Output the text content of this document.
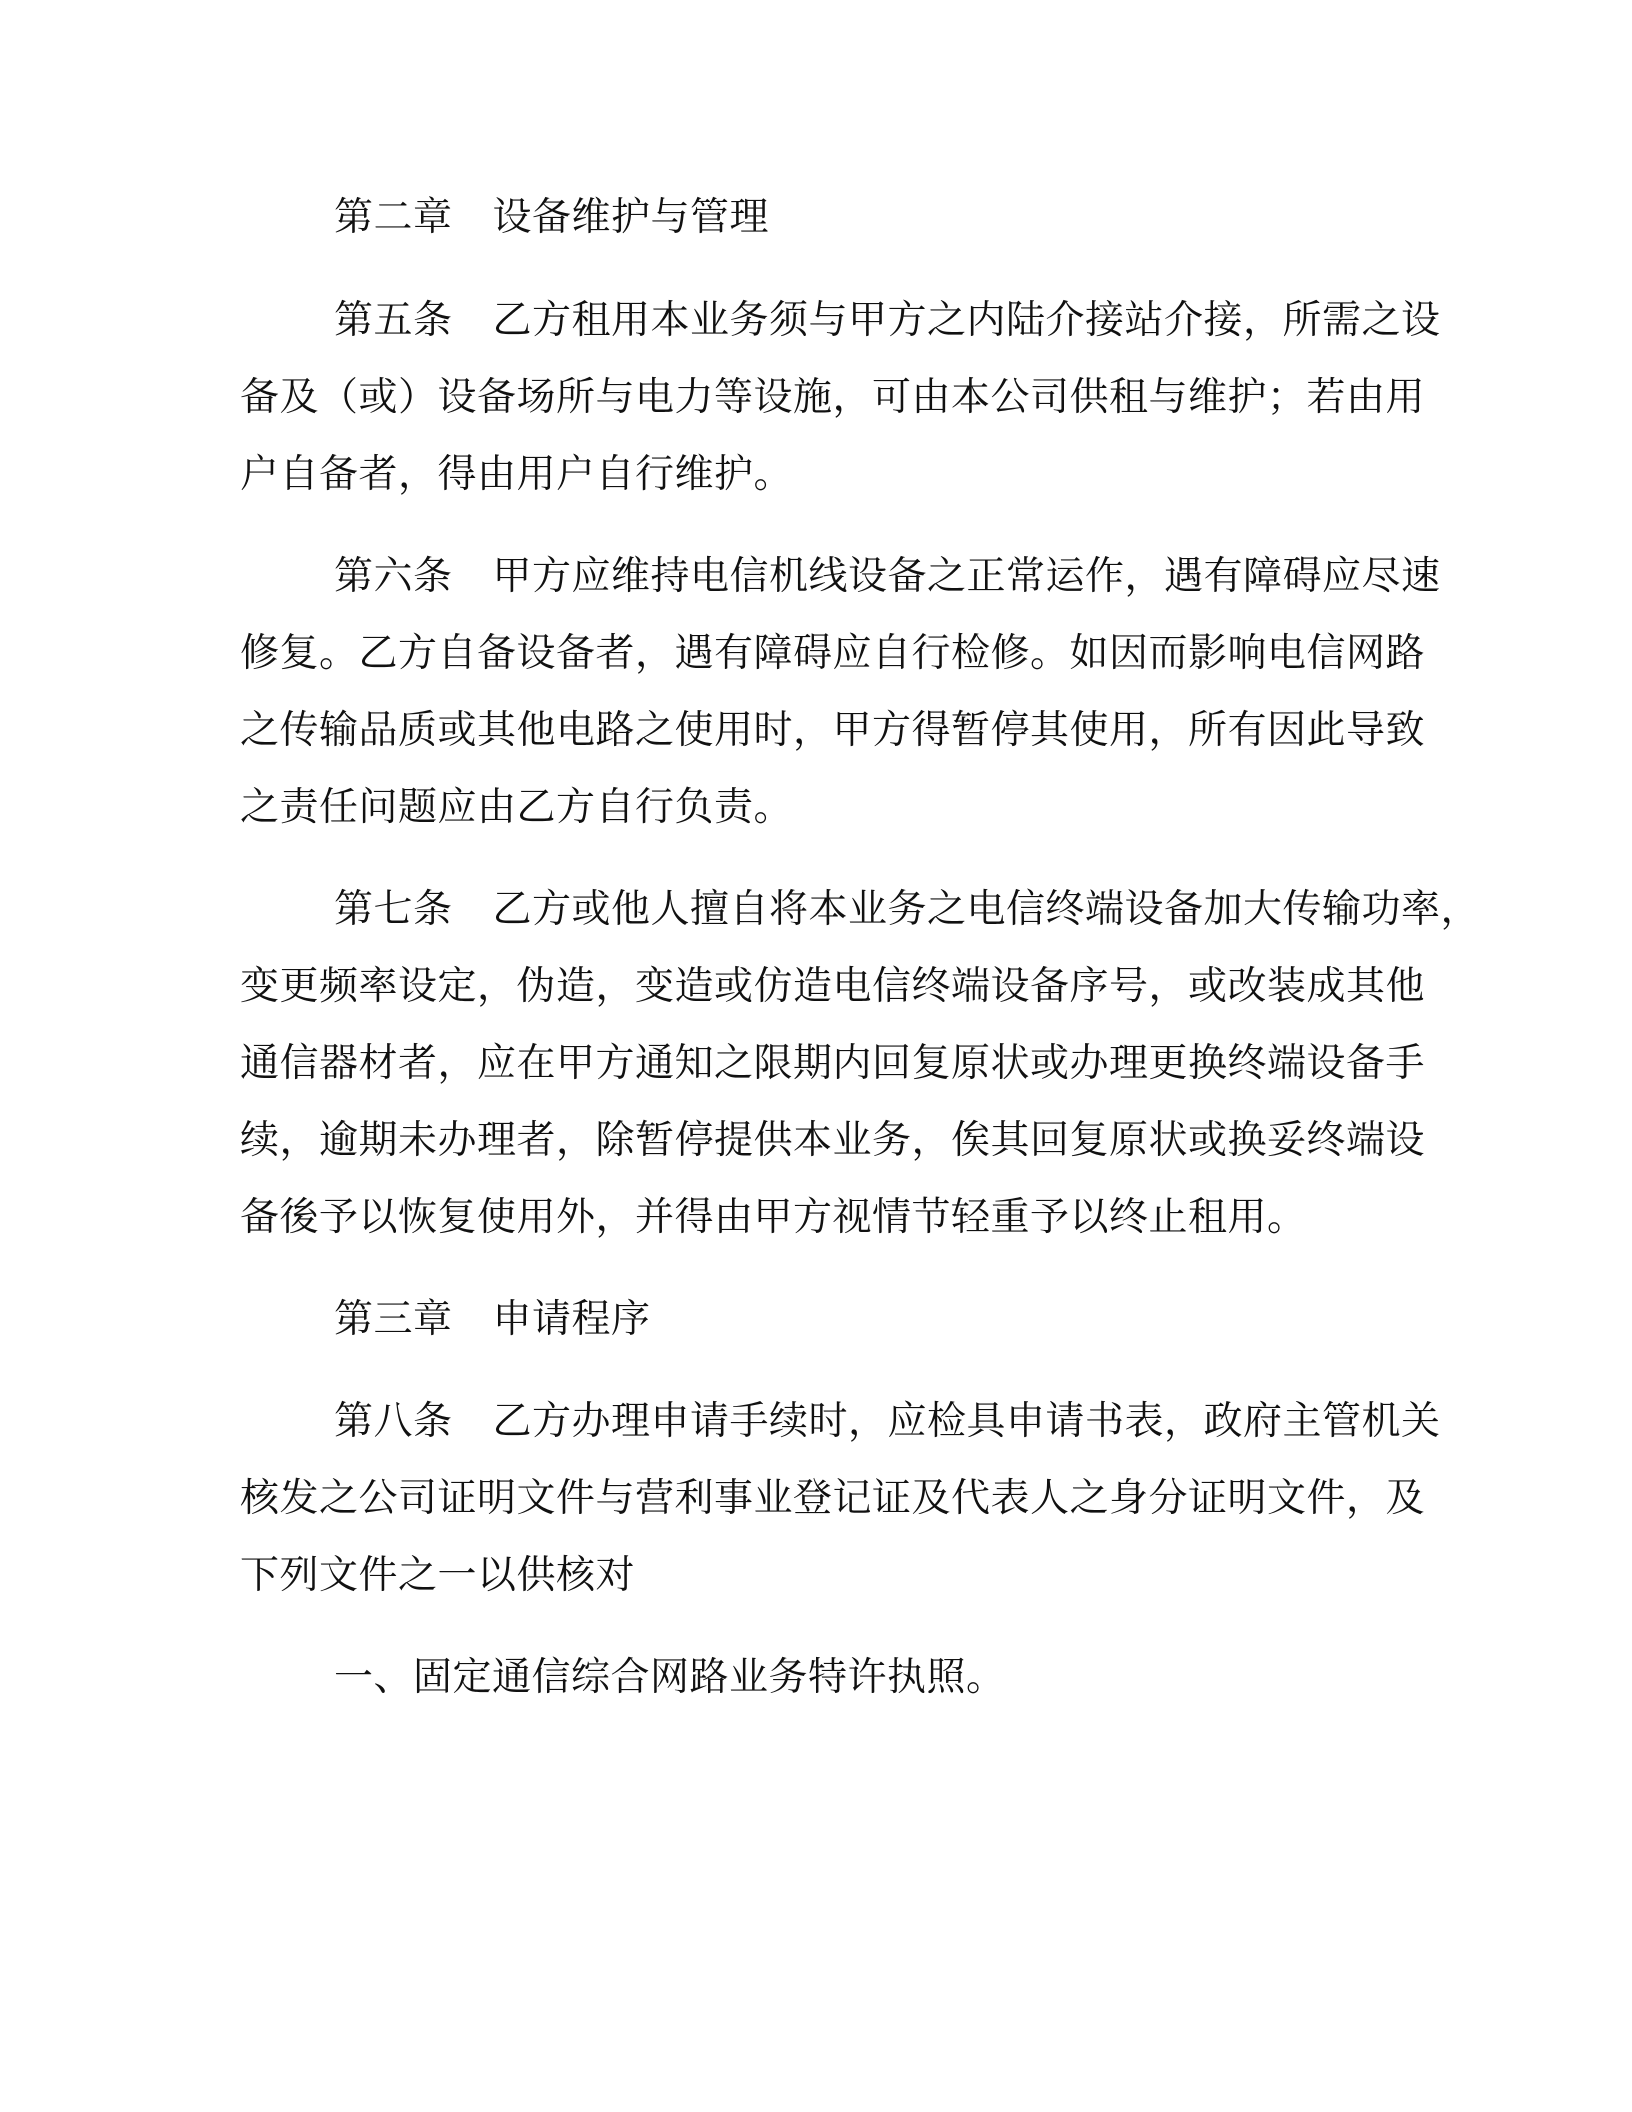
第二章 设备维护与管理
第五条 乙方租用本业务须与甲方之内陆介接站介接，所需之设
备及（或）设备场所与电力等设施，可由本公司供租与维护；若由用
户自备者，得由用户自行维护。
第六条 甲方应维持电信机线设备之正常运作，遇有障碍应尽速
修复。乙方自备设备者，遇有障碍应自行检修。如因而影响电信网路
之传输品质或其他电路之使用时，甲方得暂停其使用，所有因此导致
之责任问题应由乙方自行负责。
第七条 乙方或他人擅自将本业务之电信终端设备加大传输功率，
变更频率设定，伪造，变造或仿造电信终端设备序号，或改装成其他
通信器材者，应在甲方通知之限期内回复原状或办理更换终端设备手
续，逾期未办理者，除暂停提供本业务，俟其回复原状或换妥终端设
备後予以恢复使用外，并得由甲方视情节轻重予以终止租用。
第三章 申请程序
第八条 乙方办理申请手续时，应检具申请书表，政府主管机关
核发之公司证明文件与营利事业登记证及代表人之身分证明文件，及
下列文件之一以供核对
一、固定通信综合网路业务特许执照。
